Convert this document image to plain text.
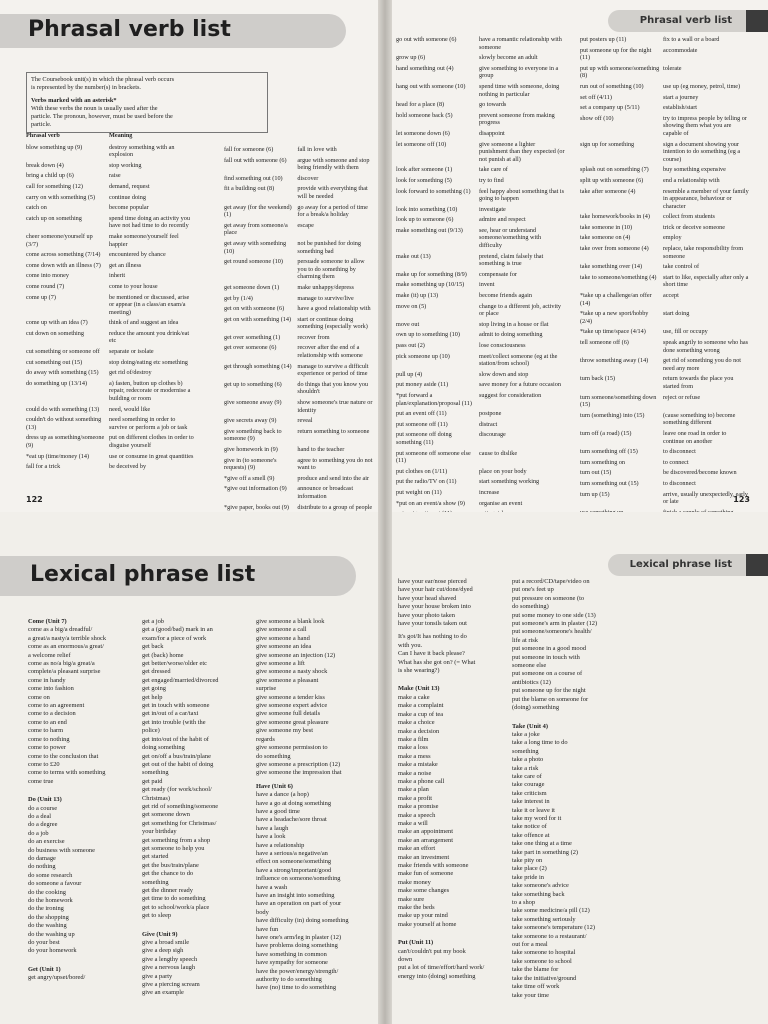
Phrasal verb list
The Coursebook unit(s) in which the phrasal verb occurs
is represented by the number(s) in brackets.
Verbs marked with an asterisk*
With these verbs the noun is usually used after the
particle. The pronoun, however, must be used before the
particle.
Phrasal verb	Meaning
blow something up (9)	destroy something with an explosion
break down (4)	stop working
bring a child up (6)	raise
call for something (12)	demand, request
carry on with something (5)	continue doing
catch on	become popular
catch up on something	spend time doing an activity you have not had time to do recently
cheer someone/yourself up (3/7)	make someone/yourself feel happier
come across something (7/14)	encountered by chance
come down with an illness (7)	get an illness
come into money	inherit
come round (7)	come to your house
come up (7)	be mentioned or discussed, arise or appear (in a class/an exam/a meeting)
come up with an idea (7)	think of and suggest an idea
cut down on something	reduce the amount you drink/eat etc
cut something or someone off	separate or isolate
cut something out (15)	stop doing/eating etc something
do away with something (15)	get rid of/destroy
do something up (13/14)	a) fasten, button up clothes b) repair, redecorate or modernise a building or room
could do with something (13)	need, would like
couldn't do without something (13)	need something in order to survive or perform a job or task
dress up as something/someone (9)	put on different clothes in order to disguise yourself
*eat up (time/money (14)	use or consume in great quantities
fall for a trick	be deceived by
fall for someone (6)	fall in love with
fall out with someone (6)	argue with someone and stop being friendly with them
find something out (10)	discover
fit a building out (8)	provide with everything that will be needed
get away (for the weekend) (1)	go away for a period of time for a break/a holiday
get away from someone/a place	escape
get away with something (10)	not be punished for doing something bad
get round someone (10)	persuade someone to allow you to do something by charming them
get someone down (1)	make unhappy/depress
get by (1/4)	manage to survive/live
get on with someone (6)	have a good relationship with
get on with something (14)	start or continue doing something (especially work)
get over something (1)	recover from
get over someone (6)	recover after the end of a relationship with someone
get through something (14)	manage to survive a difficult experience or period of time
get up to something (6)	do things that you know you shouldn't
give someone away (9)	show someone's true nature or identity
give secrets away (9)	reveal
give something back to someone (9)	return something to someone
give homework in (9)	hand to the teacher
give in (to someone's requests) (9)	agree to something you do not want to
*give off a smell (9)	produce and send into the air
*give out information (9)	announce or broadcast information
*give paper, books out (9)	distribute to a group of people

122
Phrasal verb list
go out with someone (6)	have a romantic relationship with someone
grow up (6)	slowly become an adult
hand something out (4)	give something to everyone in a group
hang out with someone (10)	spend time with someone, doing nothing in particular
head for a place (8)	go towards
hold someone back (5)	prevent someone from making progress
let someone down (6)	disappoint
let someone off (10)	give someone a lighter punishment than they expected (or not punish at all)
look after someone (1)	take care of
look for something (5)	try to find
look forward to something (1)	feel happy about something that is going to happen
look into something (10)	investigate
look up to someone (6)	admire and respect
make something out (9/13)	see, hear or understand someone/something with difficulty
make out (13)	pretend, claim falsely that something is true
make up for something (8/9)	compensate for
make something up (10/15)	invent
make (it) up (13)	become friends again
move on (5)	change to a different job, activity or place
move out	stop living in a house or flat
own up to something (10)	admit to doing something
pass out (2)	lose consciousness
pick someone up (10)	meet/collect someone (eg at the station/from school)
pull up (4)	slow down and stop
put money aside (11)	save money for a future occasion
*put forward a plan/explanation/proposal (11)	suggest for consideration
put an event off (11)	postpone
put someone off (11)	distract
put someone off doing something (11)	discourage
put someone off someone else (11)	cause to dislike
put clothes on (1/11)	place on your body
put the radio/TV on (11)	start something working
put weight on (11)	increase
*put on an event/a show (9)	organise an event

put posters up (11)	fix to a wall or a board
put someone up for the night (11)	accommodate
put up with someone/something (8)	tolerate
run out of something (10)	use up (eg money, petrol, time)
set off (4/11)	start a journey
set a company up (5/11)	establish/start
show off (10)	try to impress people by telling or showing them what you are capable of
sign up for something	sign a document showing your intention to do something (eg a course)
splash out on something (7)	buy something expensive
split up with someone (6)	end a relationship with
take after someone (4)	resemble a member of your family in appearance, behaviour or character
take homework/books in (4)	collect from students
take someone in (10)	trick or deceive someone
take someone on (4)	employ
take over from someone (4)	replace, take responsibility from someone
take something over (14)	take control of
take to someone/something (4)	start to like, especially after only a short time
*take up a challenge/an offer (14)	accept
*take up a new sport/hobby (2/4)	start doing
*take up time/space (4/14)	use, fill or occupy
tell someone off (6)	speak angrily to someone who has done something wrong
throw something away (14)	get rid of something you do not need any more
turn back (15)	return towards the place you started from
turn someone/something down (15)	reject or refuse
turn (something) into (15)	(cause something to) become something different
turn off (a road) (15)	leave one road in order to continue on another
turn something off (15)	to disconnect
turn something on	to connect
turn out (15)	be discovered/become known
turn something out (15)	to disconnect
turn up (15)	arrive, usually unexpectedly, early or late

		123
Lexical phrase list
Come (Unit 7)
come as a big/a dreadful/
a great/a nasty/a terrible shock
come as an enormous/a great/
a welcome relief
come as no/a big/a great/a
complete/a pleasant surprise
come in handy
come into fashion
come on
come to an agreement
come to a decision
come to an end
come to harm
come to nothing
come to power
come to the conclusion that
come to £20
come to terms with something
come true
Do (Unit 13)
do a course
do a deal
do a degree
do a job
do an exercise
do business with someone
do damage
do nothing
do some research
do someone a favour
do the cooking
do the homework
do the ironing
do the shopping
do the washing
do the washing up
do your best
do your homework
Get (Unit 1)
get angry/upset/bored/
get a job
get a (good/bad) mark in an
exam/for a piece of work
get back
get (back) home
get better/worse/older etc
get dressed
get engaged/married/divorced
get going
get help
get in touch with someone
get in/out of a car/taxi
get into trouble (with the
police)
get into/out of the habit of
doing something
get on/off a bus/train/plane
get out of the habit of doing
something
get paid
get ready (for work/school/
Christmas)
get rid of something/someone
get someone down
get something for Christmas/
your birthday
get something from a shop
get someone to help you
get started
get the bus/train/plane
get the chance to do
something
get the dinner ready
get time to do something
get to school/work/a place
get to sleep
Give (Unit 9)
give a broad smile
give a deep sigh
give a lengthy speech
give a nervous laugh
give a party
give a piercing scream
give an example
give someone a blank look
give someone a call
give someone a hand
give someone an idea
give someone an injection (12)
give someone a lift
give someone a nasty shock
give someone a pleasant
surprise
give someone a tender kiss
give someone expert advice
give someone full details
give someone great pleasure
give someone my best
regards
give someone permission to
do something
give someone a prescription (12)
give someone the impression that
Have (Unit 6)
have a dance (a hop)
have a go at doing something
have a good time
have a headache/sore throat
have a laugh
have a look
have a relationship
have a serious/a negative/an
effect on someone/something
have a strong/important/good
influence on someone/something
have a wash
have an insight into something
have an operation on part of your
body
have difficulty (in) doing something
have fun
have one's arm/leg in plaster (12)
have problems doing something
have something in common
have sympathy for someone
have the power/energy/strength/
authority to do something
have (no) time to do something
Lexical phrase list
have your ear/nose pierced
have your hair cut/done/dyed
have your head shaved
have your house broken into
have your photo taken
have your tonsils taken out
It's got/It has nothing to do
with you.
Can I have it back please?
What has she got on? (= What
is she wearing?)
Make (Unit 13)
make a cake
make a complaint
make a cup of tea
make a choice
make a decision
make a film
make a loss
make a mess
make a mistake
make a noise
make a phone call
make a plan
make a profit
make a promise
make a speech
make a will
make an appointment
make an arrangement
make an effort
make an investment
make friends with someone
make fun of someone
make money
make some changes
make sure
make the beds
make up your mind
make yourself at home
Put (Unit 11)
can't/couldn't put my book
down
put a lot of time/effort/hard work/
energy into (doing) something
put a record/CD/tape/video on
put one's feet up
put pressure on someone (to
do something)
put some money to one side (13)
put someone's arm in plaster (12)
put someone/someone's health/
life at risk
put someone in a good mood
put someone in touch with
someone else
put someone on a course of
antibiotics (12)
put someone up for the night
put the blame on someone for
(doing) something
Take (Unit 4)
take a joke
take a long time to do
something
take a photo
take a risk
take care of
take courage
take criticism
take interest in
take it or leave it
take my word for it
take notice of
take offence at
take one thing at a time
take part in something (2)
take pity on
take place (2)
take pride in
take someone's advice
take something back
to a shop
take some medicine/a pill (12)
take something seriously
take someone's temperature (12)
take someone to a restaurant/
out for a meal
take someone to hospital
take someone to school
take the blame for
take the initiative/ground
take time off work
take your time
